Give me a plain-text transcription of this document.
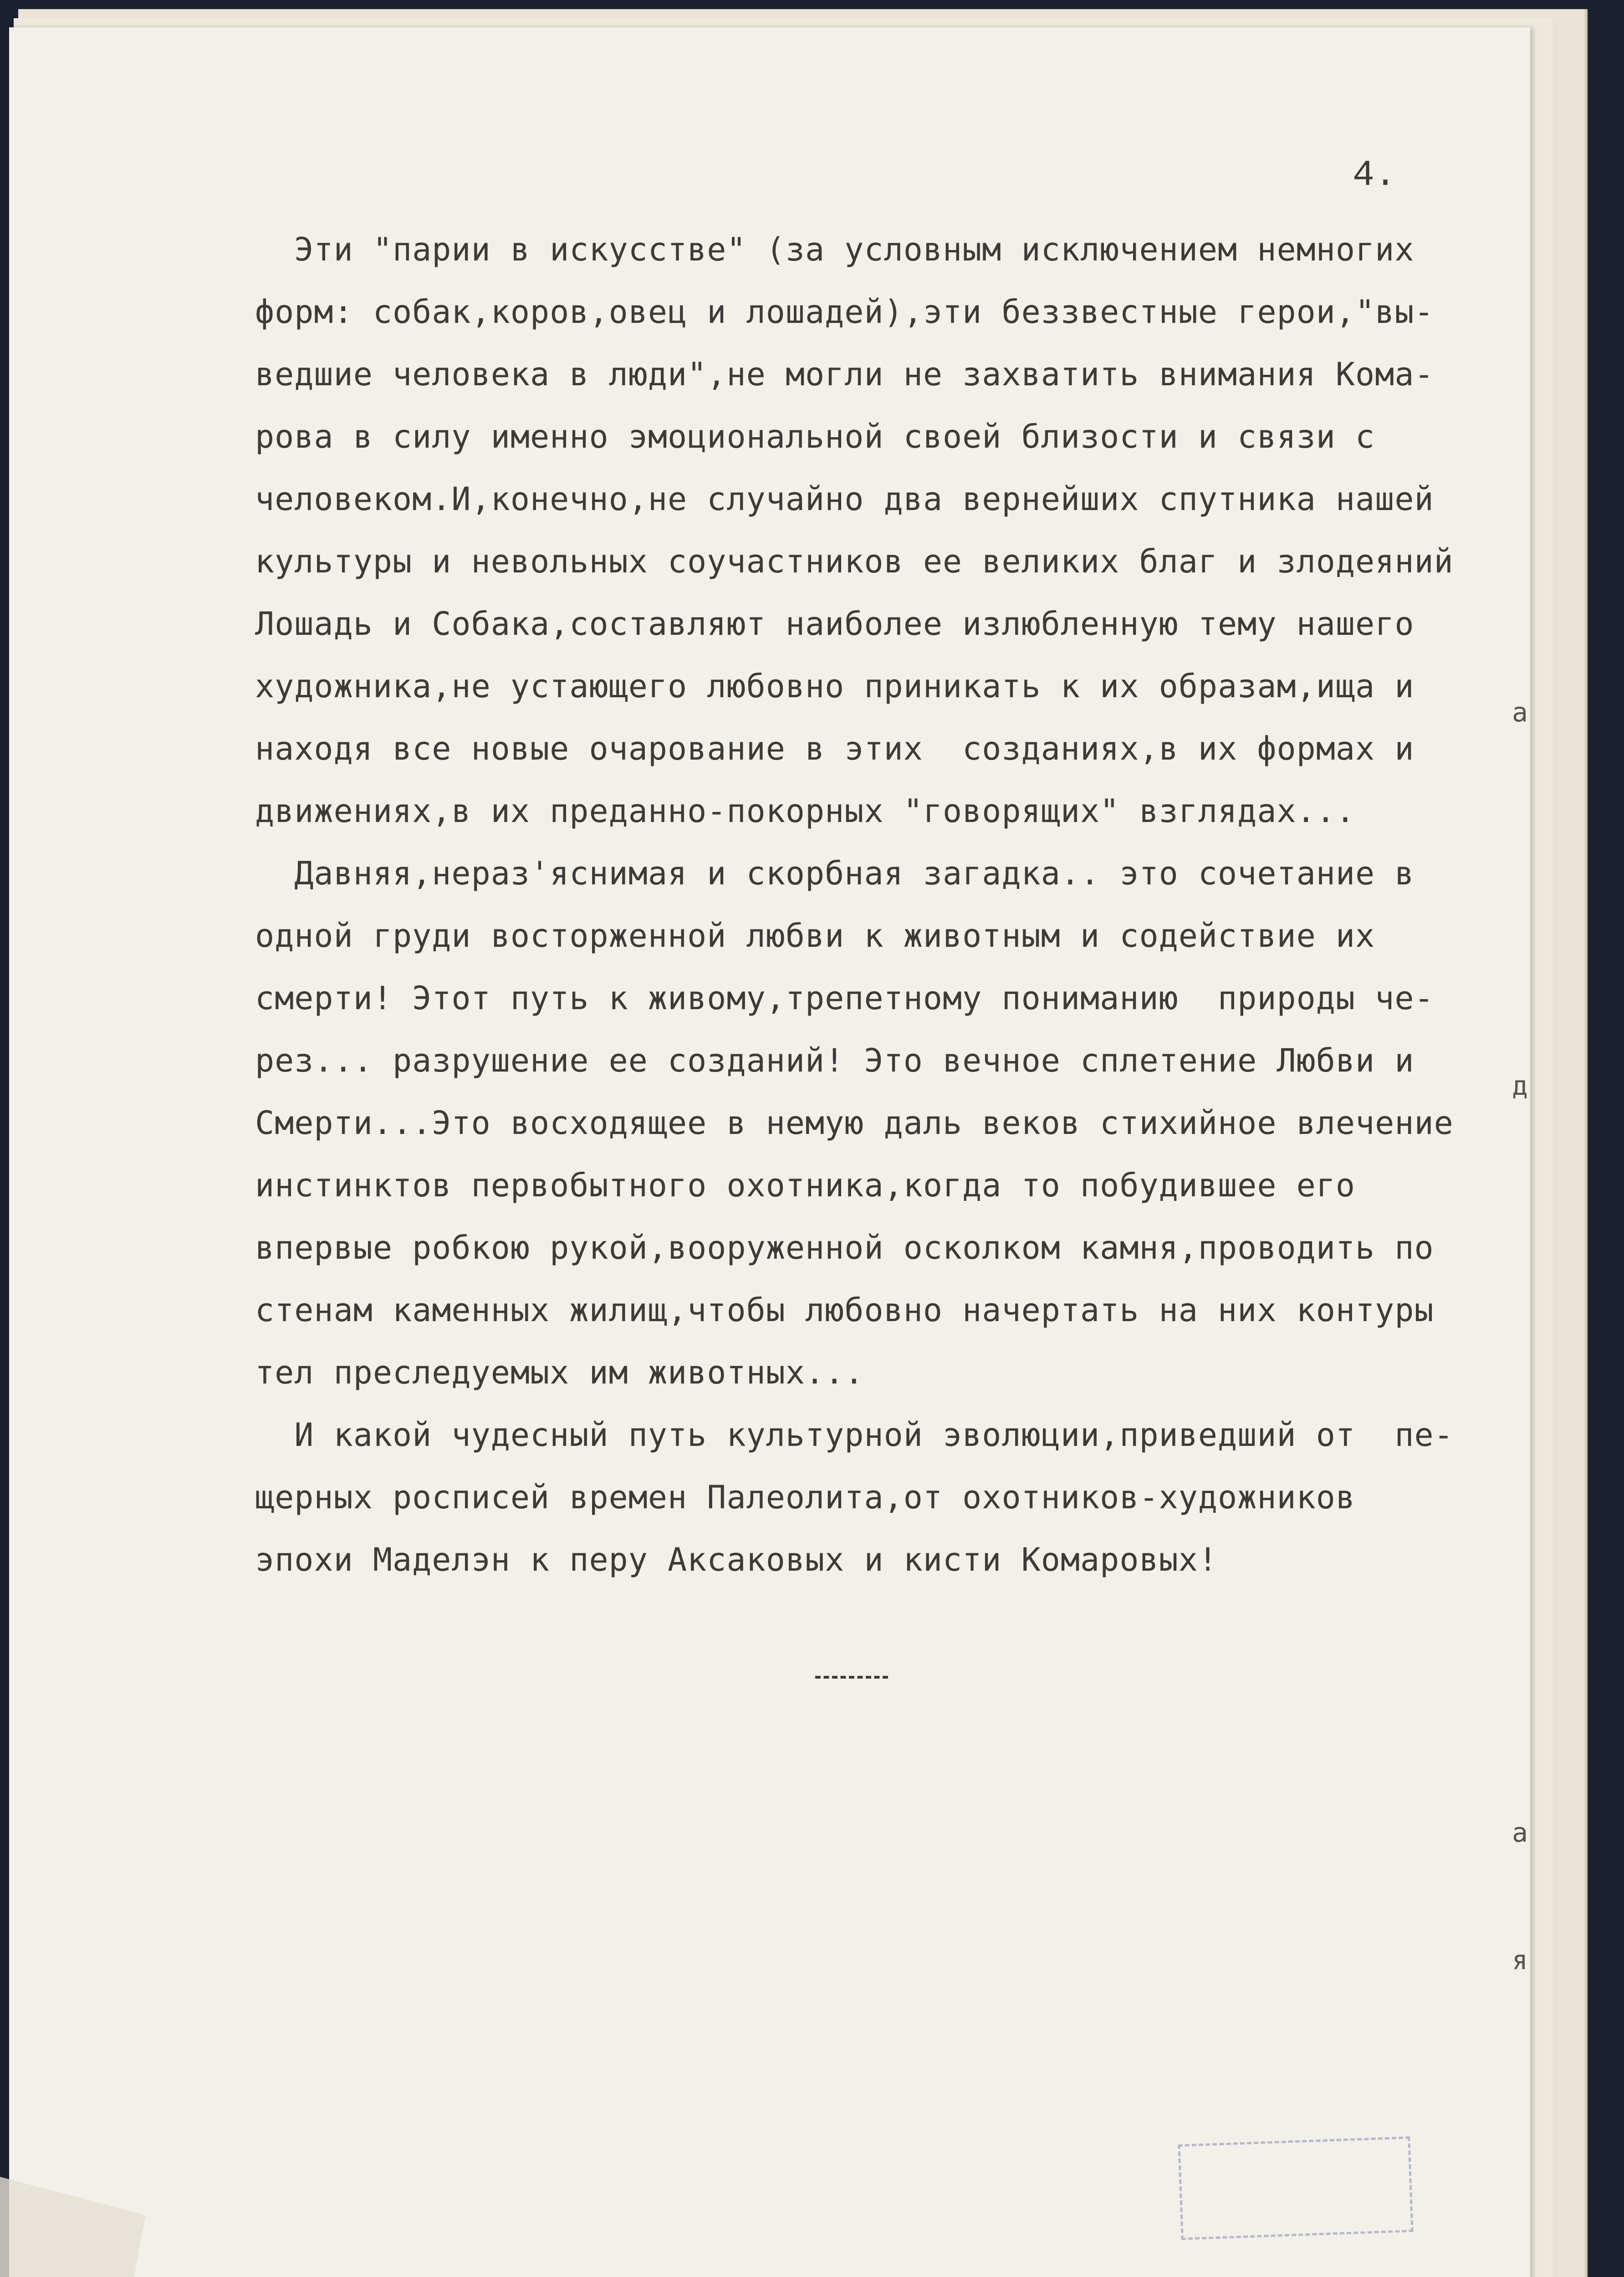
а
д
а
я
4.
Эти "парии в искусстве" (за условным исключением немногих
форм: собак,коров,овец и лошадей),эти беззвестные герои,"вы-
ведшие человека в люди",не могли не захватить внимания Кома-
рова в силу именно эмоциональной своей близости и связи с
человеком.И,конечно,не случайно два вернейших спутника нашей
культуры и невольных соучастников ее великих благ и злодеяний
Лошадь и Собака,составляют наиболее излюбленную тему нашего
художника,не устающего любовно приникать к их образам,ища и
находя все новые очарование в этих  созданиях,в их формах и
движениях,в их преданно-покорных "говорящих" взглядах...
Давняя,нераз'яснимая и скорбная загадка.. это сочетание в
одной груди восторженной любви к животным и содействие их
смерти! Этот путь к живому,трепетному пониманию  природы че-
рез... разрушение ее созданий! Это вечное сплетение Любви и
Смерти...Это восходящее в немую даль веков стихийное влечение
инстинктов первобытного охотника,когда то побудившее его
впервые робкою рукой,вооруженной осколком камня,проводить по
стенам каменных жилищ,чтобы любовно начертать на них контуры
тел преследуемых им животных...
И какой чудесный путь культурной эволюции,приведший от  пе-
щерных росписей времен Палеолита,от охотников-художников
эпохи Маделэн к перу Аксаковых и кисти Комаровых!
